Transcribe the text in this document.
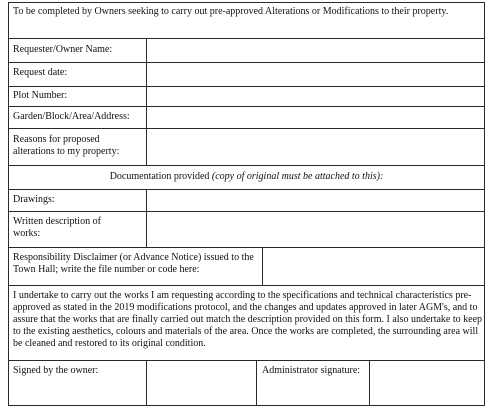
To be completed by Owners seeking to carry out pre-approved Alterations or Modifications to their property.
Requester/Owner Name:
Request date:
Plot Number:
Garden/Block/Area/Address:
Reasons for proposed alterations to my property:
Documentation provided (copy of original must be attached to this):
Drawings:
Written description of works:
Responsibility Disclaimer (or Advance Notice) issued to the Town Hall; write the file number or code here:
I undertake to carry out the works I am requesting according to the specifications and technical characteristics pre-approved as stated in the 2019 modifications protocol, and the changes and updates approved in later AGM's, and to assure that the works that are finally carried out match the description provided on this form. I also undertake to keep to the existing aesthetics, colours and materials of the area. Once the works are completed, the surrounding area will be cleaned and restored to its original condition.
Signed by the owner:	Administrator signature:
